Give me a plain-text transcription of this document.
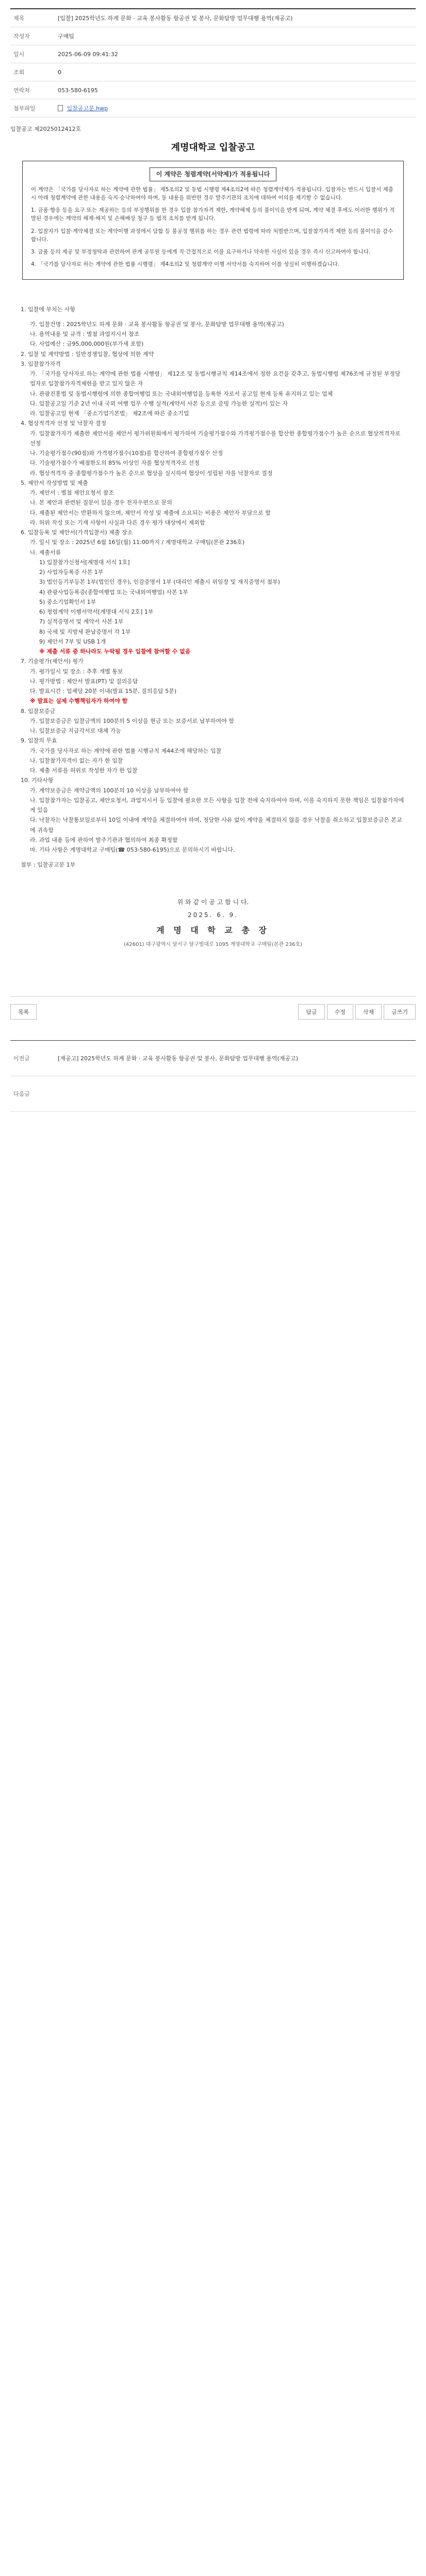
제목	[입찰] 2025학년도 하계 문화 · 교육 봉사활동 항공권 및 봉사, 문화탐방 업무대행 용역(재공고)
작성자	구매팀
일시	2025-06-09 09:41:32
조회	0
연락처	053-580-6195
첨부파일	입찰공고문.hwp
입찰공고 제2025012412호
계명대학교 입찰공고
이 계약은 청렴계약(서약제)가 적용됩니다

이 계약은 「국가를 당사자로 하는 계약에 관한 법률」 제5조의2 및 동법 시행령 제4조의2에 따른 청렴계약제가 적용됩니다. 입찰자는 반드시 입찰서 제출시 아래 청렴계약에 관한 내용을 숙지·승낙하여야 하며, 동 내용을 위반한 경우 발주기관의 조치에 대하여 이의를 제기할 수 없습니다.

1. 금품·향응 등을 요구 또는 제공하는 등의 부정행위를 한 경우 입찰 참가자격 제한, 계약해제 등의 불이익을 받게 되며, 계약 체결 후에도 이러한 행위가 적발된 경우에는 계약의 해제·해지 및 손해배상 청구 등 법적 조치를 받게 됩니다.

2. 입찰자가 입찰·계약체결 또는 계약이행 과정에서 담합 등 불공정 행위를 하는 경우 관련 법령에 따라 처벌받으며, 입찰참가자격 제한 등의 불이익을 감수합니다.

3. 금품 등의 제공 및 부정청탁과 관련하여 관계 공무원 등에게 직·간접적으로 이를 요구하거나 약속한 사실이 있을 경우 즉시 신고하여야 합니다.

4. 「국가를 당사자로 하는 계약에 관한 법률 시행령」 제4조의2 및 청렴계약 이행 서약서를 숙지하여 이를 성실히 이행하겠습니다.

1. 입찰에 부치는 사항
가. 입찰건명 : 2025학년도 하계 문화 · 교육 봉사활동 항공권 및 봉사, 문화탐방 업무대행 용역(재공고)
나. 용역내용 및 규격 : 별첨 과업지시서 참조
다. 사업예산 : 금95,000,000원(부가세 포함)
2. 입찰 및 계약방법 : 일반경쟁입찰, 협상에 의한 계약
3. 입찰참가자격
가. 「국가를 당사자로 하는 계약에 관한 법률 시행령」 제12조 및 동법시행규칙 제14조에서 정한 요건을 갖추고, 동법시행령 제76조에 규정된 부정당업자로 입찰참가자격제한을 받고 있지 않은 자
나. 관광진흥법 및 동법시행령에 의한 종합여행업 또는 국내외여행업을 등록한 자로서 공고일 현재 등록 유지하고 있는 업체
다. 입찰공고일 기준 2년 이내 국외 여행 업무 수행 실적(계약서 사본 등으로 증빙 가능한 실적)이 있는 자
라. 입찰공고일 현재 「중소기업기본법」 제2조에 따른 중소기업
4. 협상적격자 선정 및 낙찰자 결정
가. 입찰참가자가 제출한 제안서를 제안서 평가위원회에서 평가하여 기술평가점수와 가격평가점수를 합산한 종합평가점수가 높은 순으로 협상적격자로 선정
나. 기술평가점수(90점)와 가격평가점수(10점)를 합산하여 종합평가점수 산정
다. 기술평가점수가 배점한도의 85% 이상인 자를 협상적격자로 선정
라. 협상적격자 중 종합평가점수가 높은 순으로 협상을 실시하여 협상이 성립된 자를 낙찰자로 결정
5. 제안서 작성방법 및 제출
가. 제안서 : 별첨 제안요청서 참조
나. 본 제안과 관련된 질문이 있을 경우 전자우편으로 문의
다. 제출된 제안서는 반환하지 않으며, 제안서 작성 및 제출에 소요되는 비용은 제안자 부담으로 함
라. 허위 작성 또는 기재 사항이 사실과 다른 경우 평가 대상에서 제외함
6. 입찰등록 및 제안서(가격입찰서) 제출 장소
가. 일시 및 장소 : 2025년 6월 16일(월) 11:00까지 / 계명대학교 구매팀(본관 236호)
나. 제출서류
1) 입찰참가신청서[계명대 서식 1호]
2) 사업자등록증 사본 1부
3) 법인등기부등본 1부(법인인 경우), 인감증명서 1부 (대리인 제출시 위임장 및 재직증명서 첨부)
4) 관광사업등록증(종합여행업 또는 국내외여행업) 사본 1부
5) 중소기업확인서 1부
6) 청렴계약 이행서약서[계명대 서식 2호] 1부
7) 실적증명서 및 계약서 사본 1부
8) 국세 및 지방세 완납증명서 각 1부
9) 제안서 7부 및 USB 1개
※ 제출 서류 중 하나라도 누락될 경우 입찰에 참여할 수 없음
7. 기술평가(제안서) 평가
가. 평가일시 및 장소 : 추후 개별 통보
나. 평가방법 : 제안서 발표(PT) 및 질의응답
다. 발표시간 : 업체당 20분 이내(발표 15분, 질의응답 5분)
※ 발표는 실제 수행책임자가 하여야 함
8. 입찰보증금
가. 입찰보증금은 입찰금액의 100분의 5 이상을 현금 또는 보증서로 납부하여야 함
나. 입찰보증금 지급각서로 대체 가능
9. 입찰의 무효
가. 국가를 당사자로 하는 계약에 관한 법률 시행규칙 제44조에 해당하는 입찰
나. 입찰참가자격이 없는 자가 한 입찰
다. 제출 서류를 허위로 작성한 자가 한 입찰
10. 기타사항
가. 계약보증금은 계약금액의 100분의 10 이상을 납부하여야 함
나. 입찰참가자는 입찰공고, 제안요청서, 과업지시서 등 입찰에 필요한 모든 사항을 입찰 전에 숙지하여야 하며, 이를 숙지하지 못한 책임은 입찰참가자에게 있음
다. 낙찰자는 낙찰통보일로부터 10일 이내에 계약을 체결하여야 하며, 정당한 사유 없이 계약을 체결하지 않을 경우 낙찰을 취소하고 입찰보증금은 본교에 귀속함
라. 과업 내용 등에 관하여 발주기관과 협의하여 최종 확정함
마. 기타 사항은 계명대학교 구매팀(☎ 053-580-6195)으로 문의하시기 바랍니다.
첨부 : 입찰공고문 1부
위 와 같 이 공 고 합 니 다.
2025. 6. 9.
계 명 대 학 교 총 장
(42601) 대구광역시 달서구 달구벌대로 1095 계명대학교 구매팀(본관 236호)
목록	답글	수정	삭제	글쓰기
이전글	[재공고] 2025학년도 하계 문화 · 교육 봉사활동 항공권 및 봉사, 문화탐방 업무대행 용역(재공고)
다음글	
